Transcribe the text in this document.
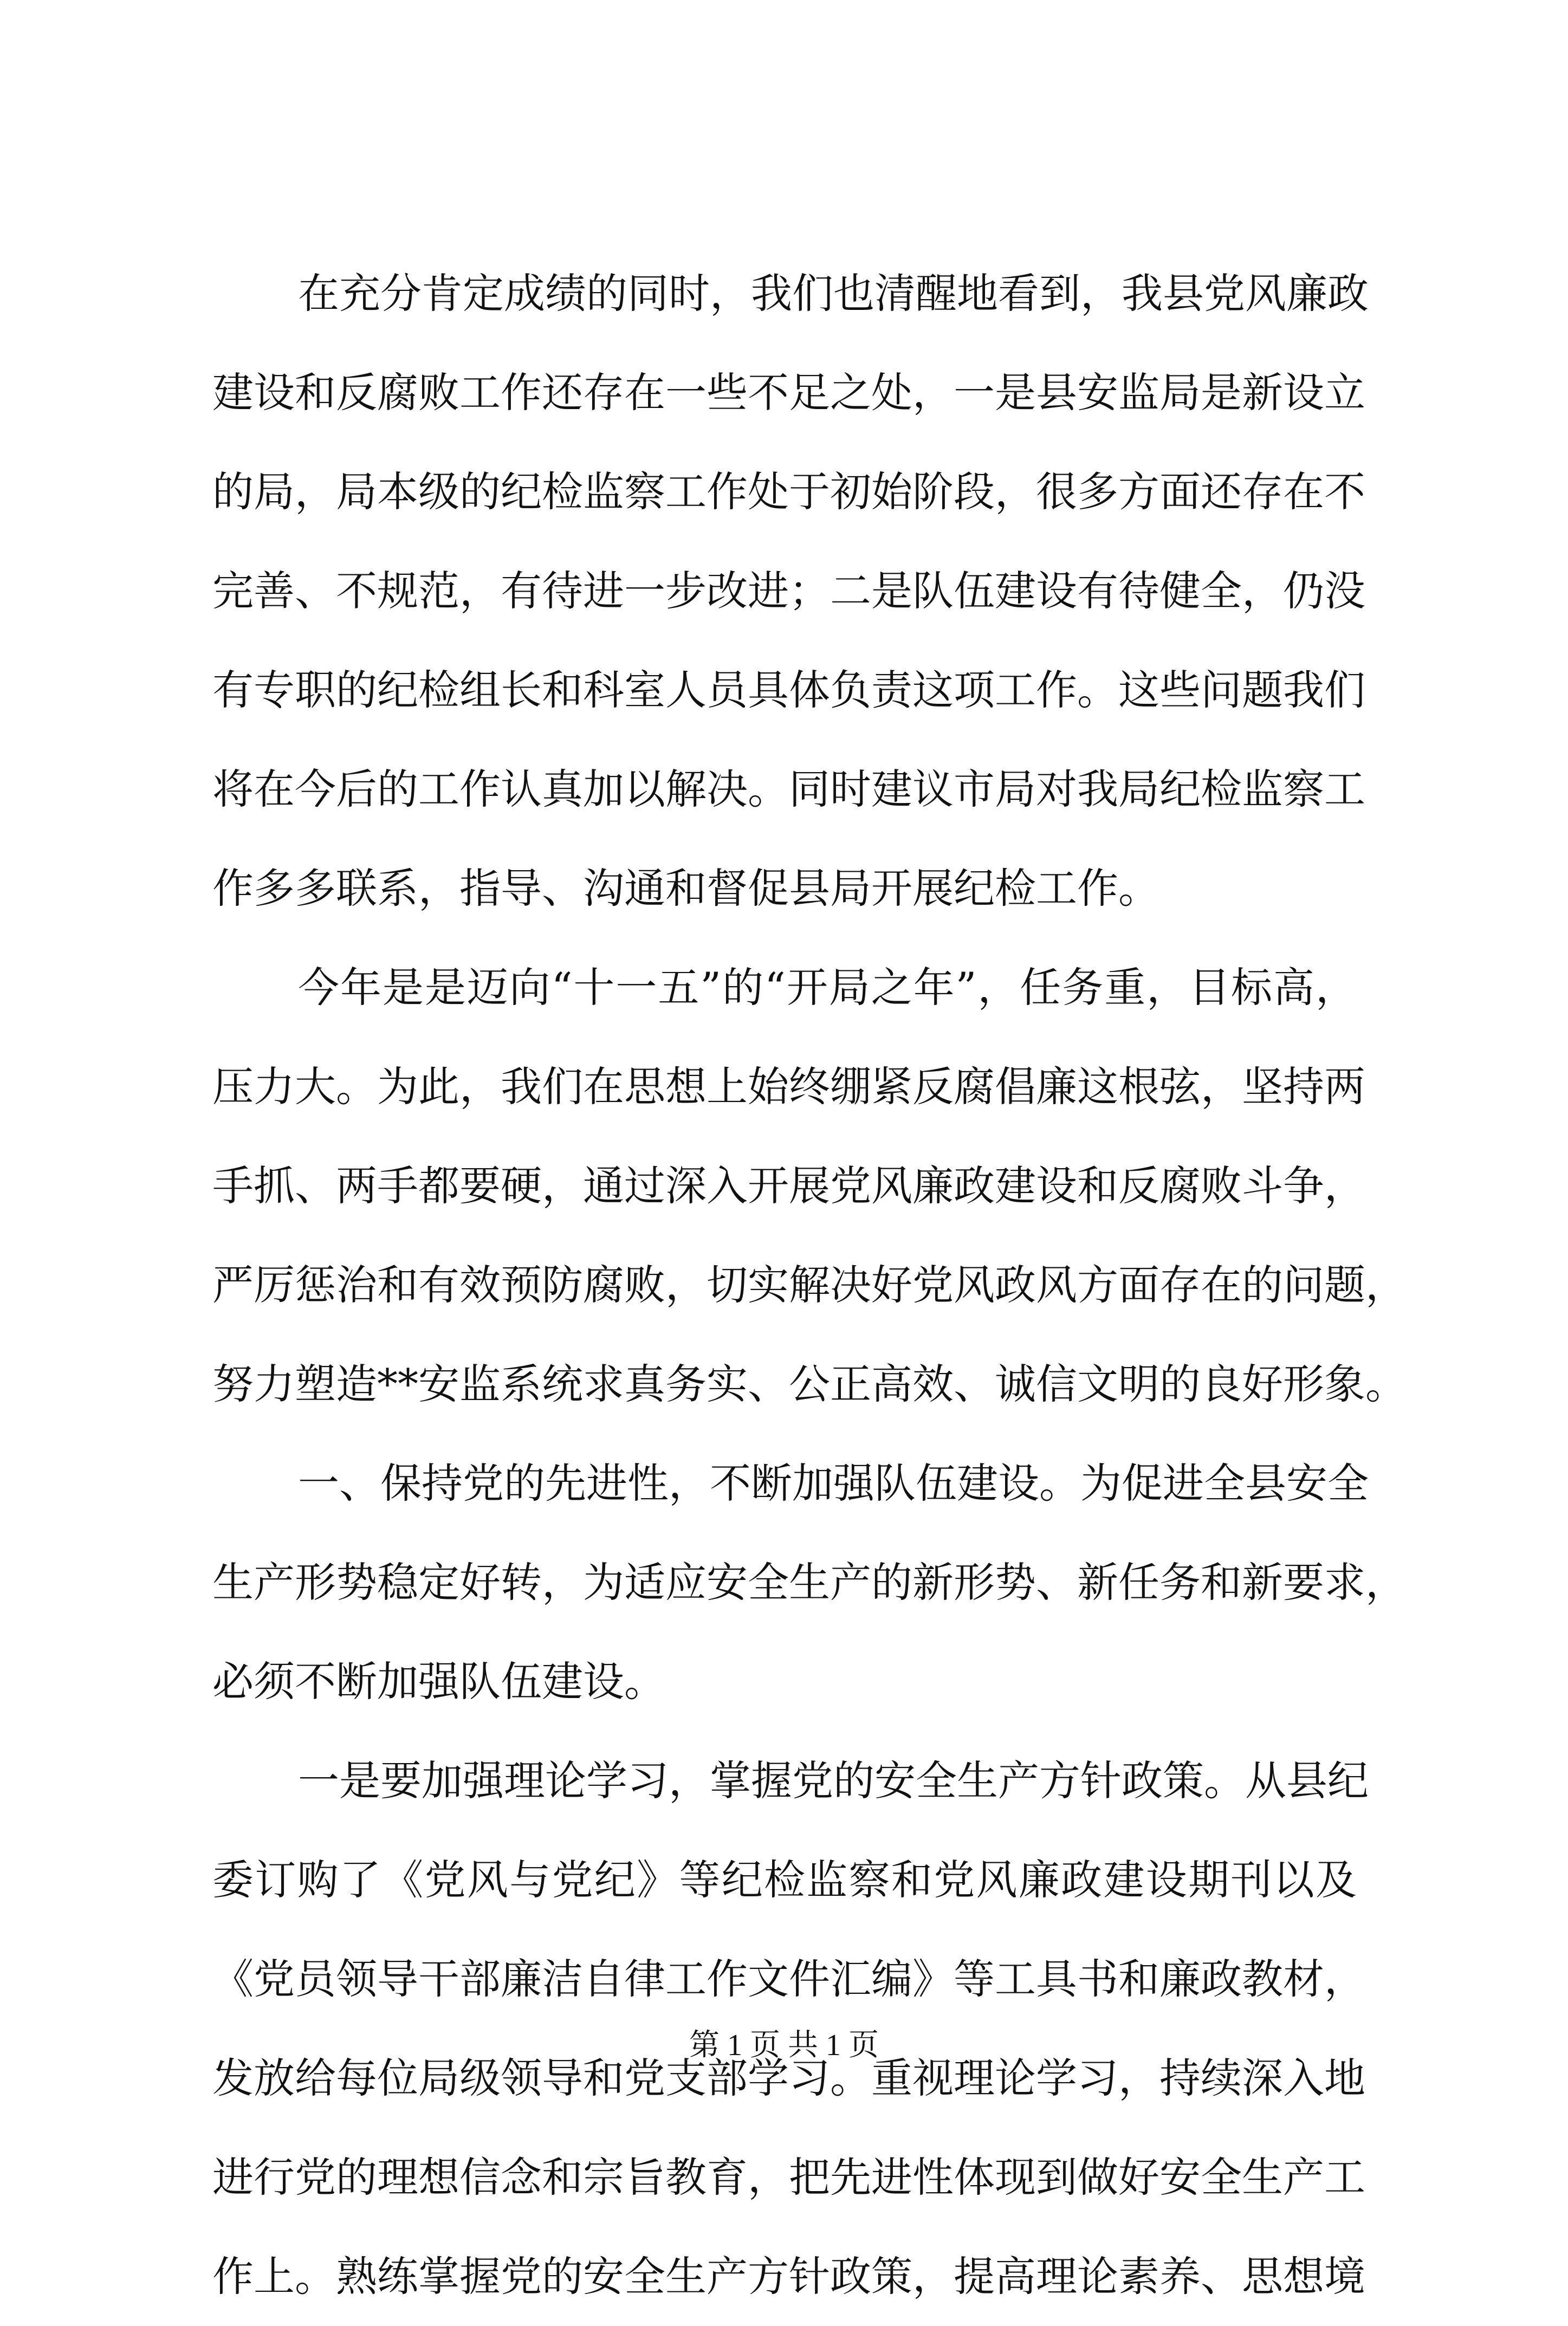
在充分肯定成绩的同时，我们也清醒地看到，我县党风廉政
建设和反腐败工作还存在一些不足之处，一是县安监局是新设立
的局，局本级的纪检监察工作处于初始阶段，很多方面还存在不
完善、不规范，有待进一步改进；二是队伍建设有待健全，仍没
有专职的纪检组长和科室人员具体负责这项工作。这些问题我们
将在今后的工作认真加以解决。同时建议市局对我局纪检监察工
作多多联系，指导、沟通和督促县局开展纪检工作。
今年是是迈向“十一五”的“开局之年”，任务重，目标高，
压力大。为此，我们在思想上始终绷紧反腐倡廉这根弦，坚持两
手抓、两手都要硬，通过深入开展党风廉政建设和反腐败斗争，
严厉惩治和有效预防腐败，切实解决好党风政风方面存在的问题，
努力塑造**安监系统求真务实、公正高效、诚信文明的良好形象。
一、保持党的先进性，不断加强队伍建设。为促进全县安全
生产形势稳定好转，为适应安全生产的新形势、新任务和新要求，
必须不断加强队伍建设。
一是要加强理论学习，掌握党的安全生产方针政策。从县纪
委订购了《党风与党纪》等纪检监察和党风廉政建设期刊以及
《党员领导干部廉洁自律工作文件汇编》等工具书和廉政教材，
发放给每位局级领导和党支部学习。重视理论学习，持续深入地
进行党的理想信念和宗旨教育，把先进性体现到做好安全生产工
作上。熟练掌握党的安全生产方针政策，提高理论素养、思想境
第 1 页 共 1 页
